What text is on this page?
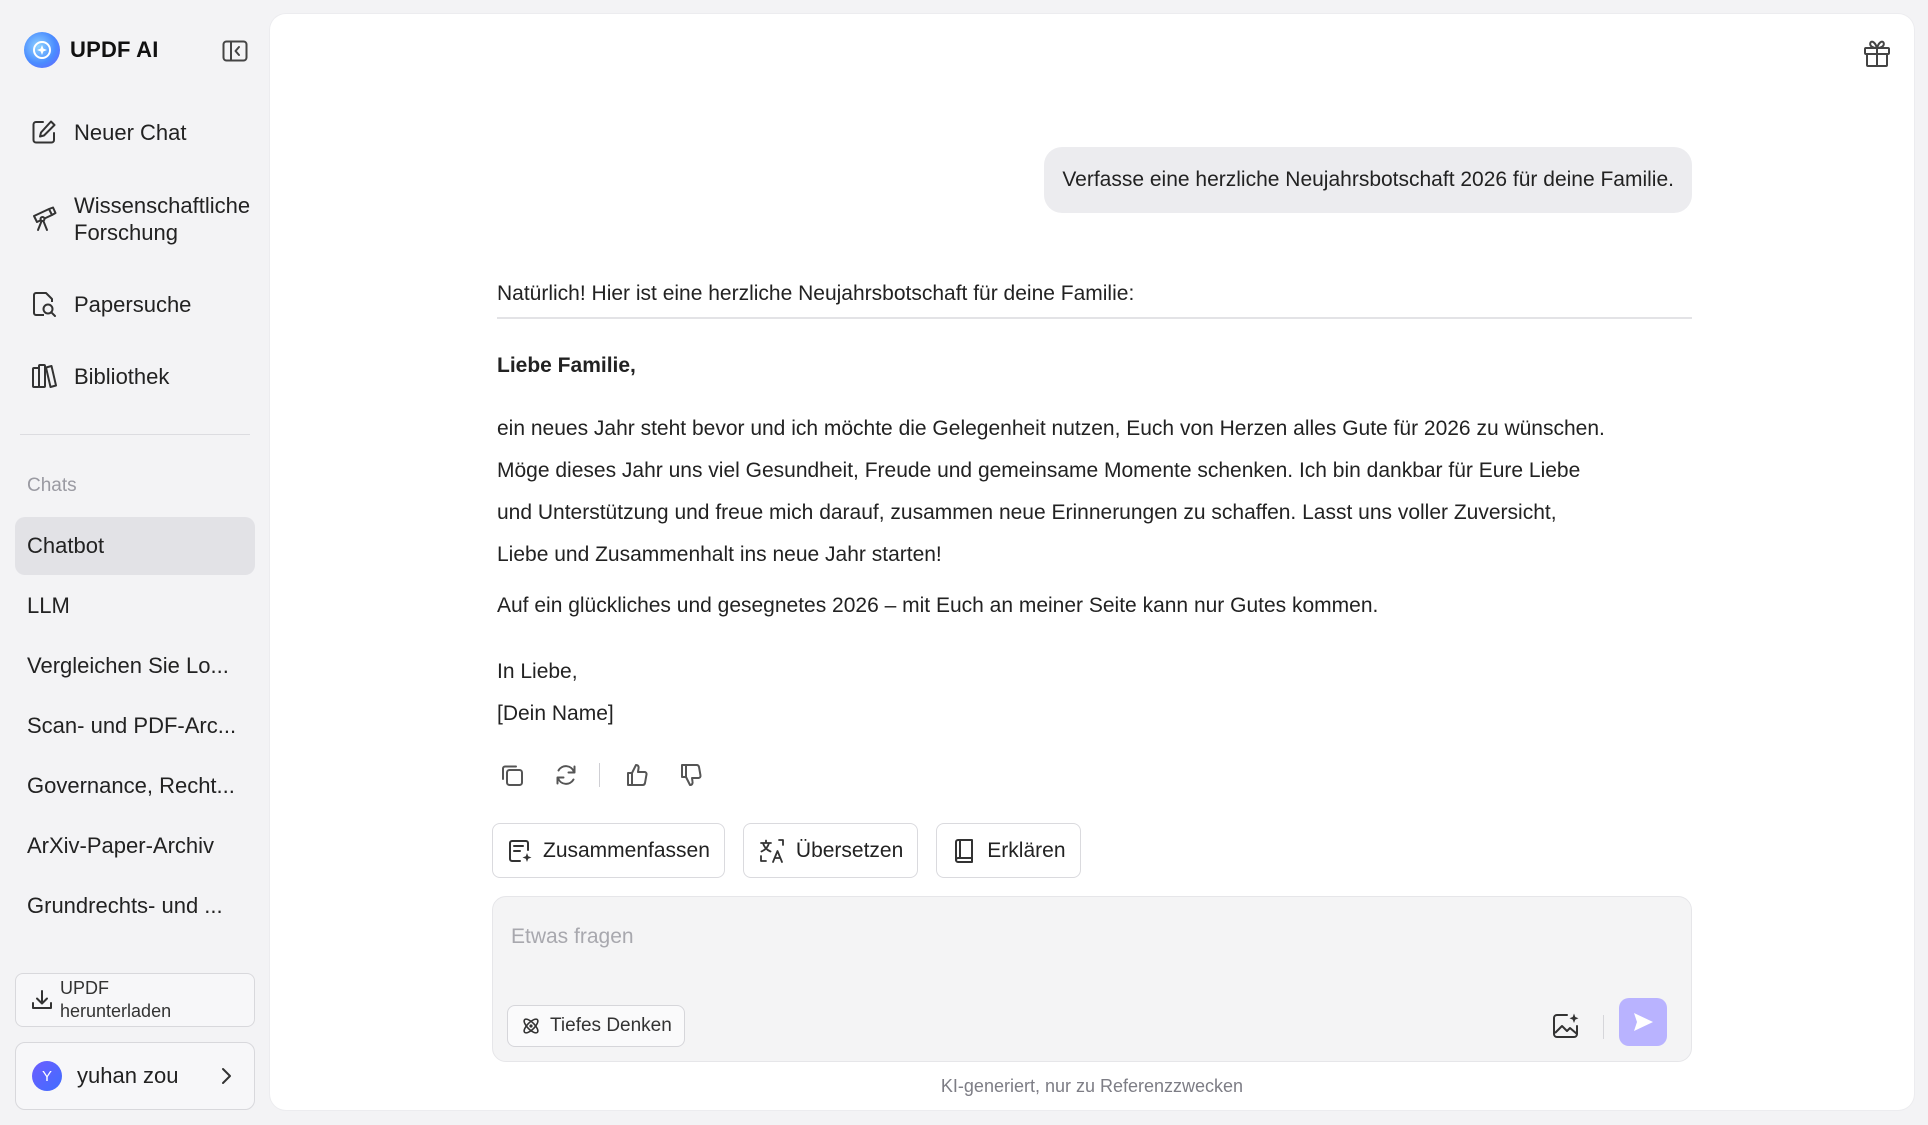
UPDF AI
Neuer Chat
Wissenschaftliche
Forschung
Papersuche
Bibliothek
Chats
Chatbot
LLM
Vergleichen Sie Lo...
Scan- und PDF-Arc...
Governance, Recht...
ArXiv-Paper-Archiv
Grundrechts- und ...
UPDF herunterladen
Y	yuhan zou
Verfasse eine herzliche Neujahrsbotschaft 2026 für deine Familie.
Natürlich! Hier ist eine herzliche Neujahrsbotschaft für deine Familie:
Liebe Familie,
ein neues Jahr steht bevor und ich möchte die Gelegenheit nutzen, Euch von Herzen alles Gute für 2026 zu wünschen.
Möge dieses Jahr uns viel Gesundheit, Freude und gemeinsame Momente schenken. Ich bin dankbar für Eure Liebe
und Unterstützung und freue mich darauf, zusammen neue Erinnerungen zu schaffen. Lasst uns voller Zuversicht,
Liebe und Zusammenhalt ins neue Jahr starten!
Auf ein glückliches und gesegnetes 2026 – mit Euch an meiner Seite kann nur Gutes kommen.
In Liebe,
[Dein Name]
Zusammenfassen	Übersetzen	Erklären
Etwas fragen
Tiefes Denken
KI-generiert, nur zu Referenzzwecken
